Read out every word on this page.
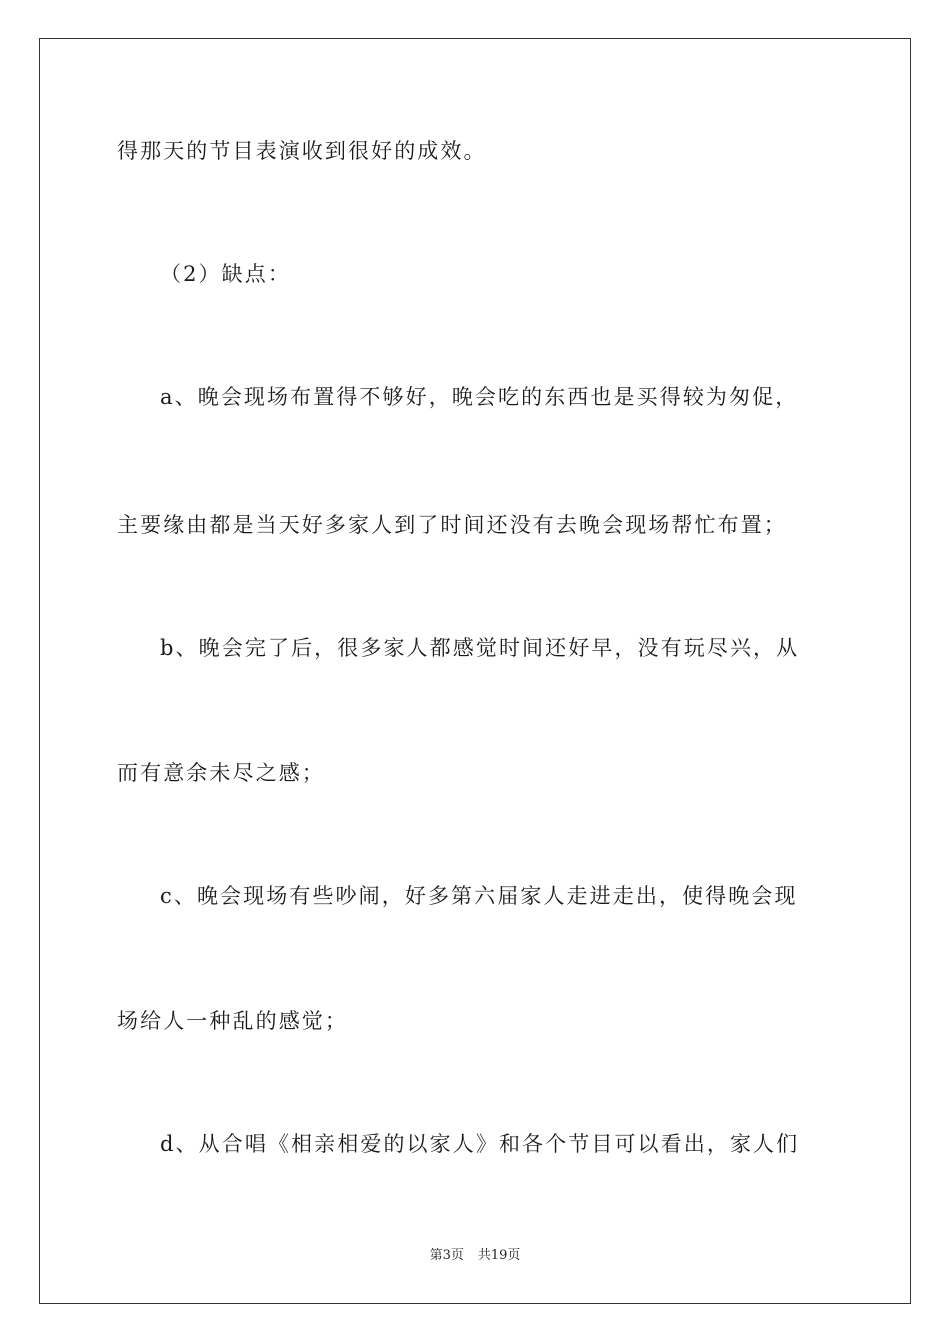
得那天的节目表演收到很好的成效。
（2）缺点：
a、晚会现场布置得不够好，晚会吃的东西也是买得较为匆促，
主要缘由都是当天好多家人到了时间还没有去晚会现场帮忙布置；
b、晚会完了后，很多家人都感觉时间还好早，没有玩尽兴，从
而有意余未尽之感；
c、晚会现场有些吵闹，好多第六届家人走进走出，使得晚会现
场给人一种乱的感觉；
d、从合唱《相亲相爱的以家人》和各个节目可以看出，家人们
第3页 共19页
